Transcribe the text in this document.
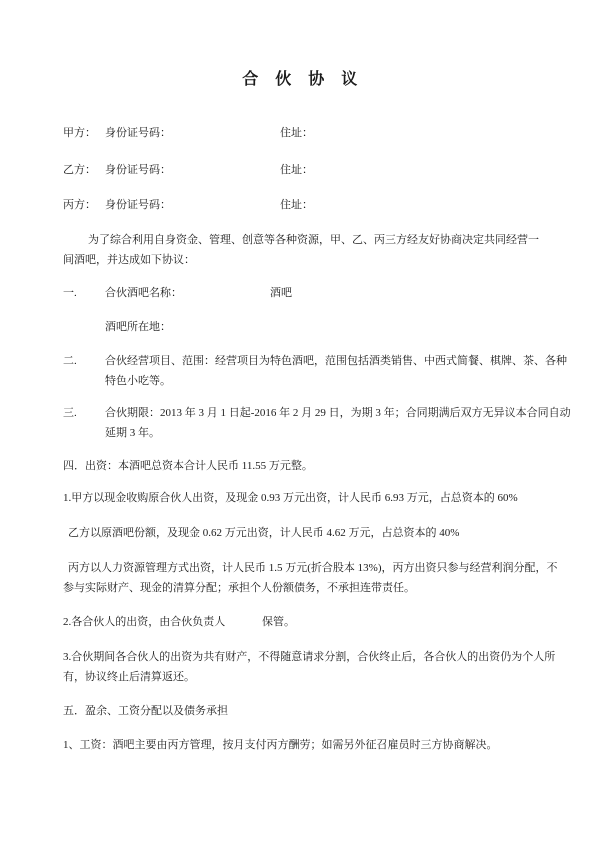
合 伙 协 议
甲方： 身份证号码：	住址：
乙方： 身份证号码：	住址：
丙方： 身份证号码：	住址：
为了综合利用自身资金、管理、创意等各种资源，甲、乙、丙三方经友好协商决定共同经营一
间酒吧，并达成如下协议：
一.	合伙酒吧名称：	酒吧
酒吧所在地：
二.	合伙经营项目、范围：经营项目为特色酒吧，范围包括酒类销售、中西式简餐、棋牌、茶、各种
特色小吃等。
三.	合伙期限：2013 年 3 月 1 日起-2016 年 2 月 29 日，为期 3 年；合同期满后双方无异议本合同自动
延期 3 年。
四．出资：本酒吧总资本合计人民币 11.55 万元整。
1.甲方以现金收购原合伙人出资，及现金 0.93 万元出资，计人民币 6.93 万元，占总资本的 60%
乙方以原酒吧份额，及现金 0.62 万元出资，计人民币 4.62 万元，占总资本的 40%
丙方以人力资源管理方式出资，计人民币 1.5 万元(折合股本 13%)，丙方出资只参与经营利润分配，不
参与实际财产、现金的清算分配；承担个人份额债务，不承担连带责任。
2.各合伙人的出资，由合伙负责人	保管。
3.合伙期间各合伙人的出资为共有财产，不得随意请求分割，合伙终止后，各合伙人的出资仍为个人所
有，协议终止后清算返还。
五．盈余、工资分配以及债务承担
1、工资：酒吧主要由丙方管理，按月支付丙方酬劳；如需另外征召雇员时三方协商解决。
